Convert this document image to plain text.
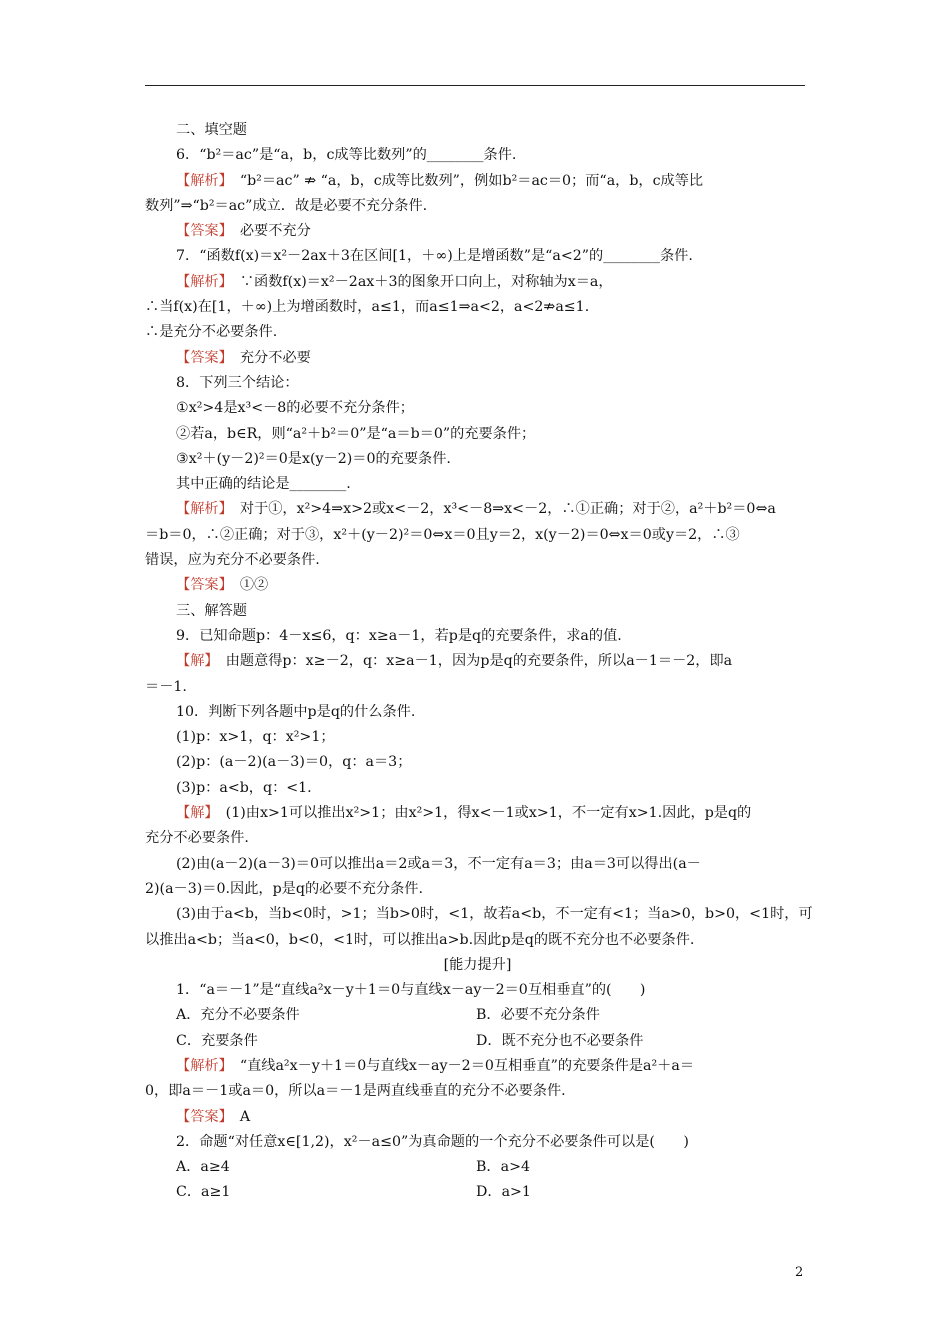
二、填空题
6．“b²＝ac”是“a，b，c成等比数列”的________条件.
【解析】　“b²＝ac” ⇏ “a，b，c成等比数列”，例如b²＝ac＝0；而“a，b，c成等比
数列”⇒“b²＝ac”成立．故是必要不充分条件.
【答案】　必要不充分
7．“函数f(x)＝x²－2ax＋3在区间[1，＋∞)上是增函数”是“a<2”的________条件.
【解析】　∵函数f(x)＝x²－2ax＋3的图象开口向上，对称轴为x＝a，
∴当f(x)在[1，＋∞)上为增函数时，a≤1，而a≤1⇒a<2，a<2⇏a≤1.
∴是充分不必要条件.
【答案】　充分不必要
8．下列三个结论：
①x²>4是x³<－8的必要不充分条件；
②若a，b∈R，则“a²＋b²＝0”是“a＝b＝0”的充要条件；
③x²＋(y－2)²＝0是x(y－2)＝0的充要条件.
其中正确的结论是________.
【解析】　对于①，x²>4⇒x>2或x<－2，x³<－8⇒x<－2，∴①正确；对于②，a²＋b²＝0⇔a
＝b＝0，∴②正确；对于③，x²＋(y－2)²＝0⇔x＝0且y＝2，x(y－2)＝0⇔x＝0或y＝2，∴③
错误，应为充分不必要条件.
【答案】　①②
三、解答题
9．已知命题p：4－x≤6，q：x≥a－1，若p是q的充要条件，求a的值.
【解】　由题意得p：x≥－2，q：x≥a－1，因为p是q的充要条件，所以a－1＝－2，即a
＝－1.
10．判断下列各题中p是q的什么条件.
(1)p：x>1，q：x²>1；
(2)p：(a－2)(a－3)＝0，q：a＝3；
(3)p：a<b，q：<1.
【解】　(1)由x>1可以推出x²>1；由x²>1，得x<－1或x>1，不一定有x>1.因此，p是q的
充分不必要条件.
(2)由(a－2)(a－3)＝0可以推出a＝2或a＝3，不一定有a＝3；由a＝3可以得出(a－
2)(a－3)＝0.因此，p是q的必要不充分条件.
(3)由于a<b，当b<0时，>1；当b>0时，<1，故若a<b，不一定有<1；当a>0，b>0，<1时，可
以推出a<b；当a<0，b<0，<1时，可以推出a>b.因此p是q的既不充分也不必要条件.
[能力提升]
1．“a＝－1”是“直线a²x－y＋1＝0与直线x－ay－2＝0互相垂直”的(　　)
A．充分不必要条件	B．必要不充分条件
C．充要条件	D．既不充分也不必要条件
【解析】　“直线a²x－y＋1＝0与直线x－ay－2＝0互相垂直”的充要条件是a²＋a＝
0，即a＝－1或a＝0，所以a＝－1是两直线垂直的充分不必要条件.
【答案】　A
2．命题“对任意x∈[1,2)，x²－a≤0”为真命题的一个充分不必要条件可以是(　　)
A．a≥4	B．a>4
C．a≥1	D．a>1
2
